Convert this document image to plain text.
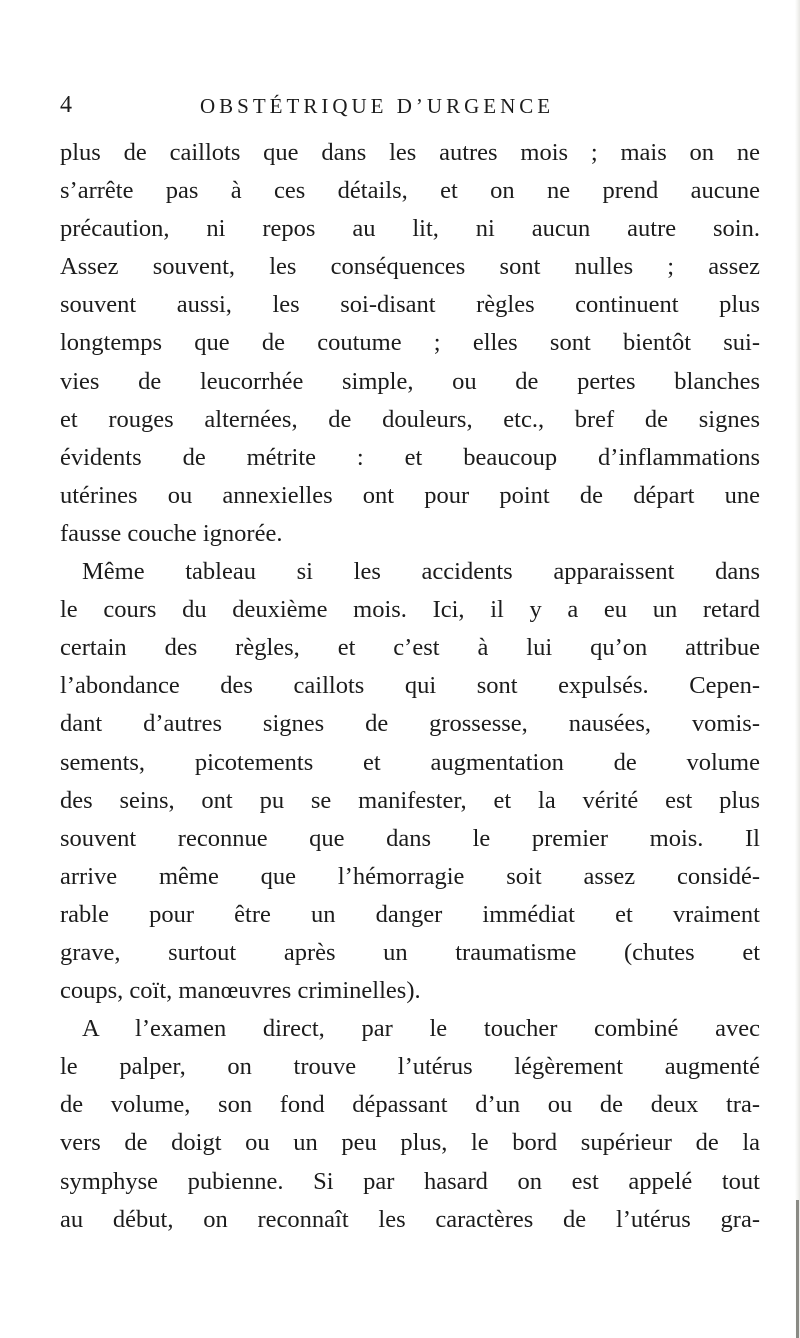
4	OBSTÉTRIQUE D’URGENCE
plus de caillots que dans les autres mois ; mais on ne
s’arrête pas à ces détails, et on ne prend aucune
précaution, ni repos au lit, ni aucun autre soin.
Assez souvent, les conséquences sont nulles ; assez
souvent aussi, les soi-disant règles continuent plus
longtemps que de coutume ; elles sont bientôt sui-
vies de leucorrhée simple, ou de pertes blanches
et rouges alternées, de douleurs, etc., bref de signes
évidents de métrite : et beaucoup d’inflammations
utérines ou annexielles ont pour point de départ une
fausse couche ignorée.
Même tableau si les accidents apparaissent dans
le cours du deuxième mois. Ici, il y a eu un retard
certain des règles, et c’est à lui qu’on attribue
l’abondance des caillots qui sont expulsés. Cepen-
dant d’autres signes de grossesse, nausées, vomis-
sements, picotements et augmentation de volume
des seins, ont pu se manifester, et la vérité est plus
souvent reconnue que dans le premier mois. Il
arrive même que l’hémorragie soit assez considé-
rable pour être un danger immédiat et vraiment
grave, surtout après un traumatisme (chutes et
coups, coït, manœuvres criminelles).
A l’examen direct, par le toucher combiné avec
le palper, on trouve l’utérus légèrement augmenté
de volume, son fond dépassant d’un ou de deux tra-
vers de doigt ou un peu plus, le bord supérieur de la
symphyse pubienne. Si par hasard on est appelé tout
au début, on reconnaît les caractères de l’utérus gra-
